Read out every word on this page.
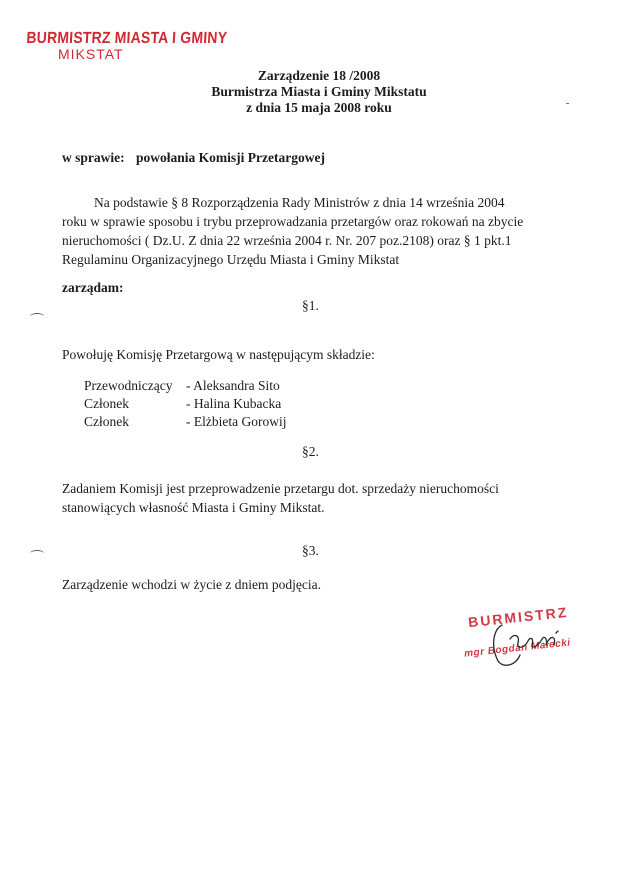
BURMISTRZ MIASTA I GMINY
MIKSTAT
Zarządzenie 18 /2008
Burmistrza Miasta i Gminy Mikstatu
z dnia 15 maja 2008 roku
w sprawie: powołania Komisji Przetargowej
Na podstawie § 8 Rozporządzenia Rady Ministrów z dnia 14 września 2004
roku w sprawie sposobu i trybu przeprowadzania przetargów oraz rokowań na zbycie
nieruchomości ( Dz.U. Z dnia 22 września 2004 r. Nr. 207 poz.2108) oraz § 1 pkt.1
Regulaminu Organizacyjnego Urzędu Miasta i Gminy Mikstat
zarządam:
§1.
Powołuję Komisję Przetargową w następującym składzie:
Przewodniczący	- Aleksandra Sito
Członek	- Halina Kubacka
Członek	- Elżbieta Gorowij
§2.
Zadaniem Komisji jest przeprowadzenie przetargu dot. sprzedaży nieruchomości
stanowiących własność Miasta i Gminy Mikstat.
§3.
Zarządzenie wchodzi w życie z dniem podjęcia.
BURMISTRZ
mgr Bogdan Małecki
